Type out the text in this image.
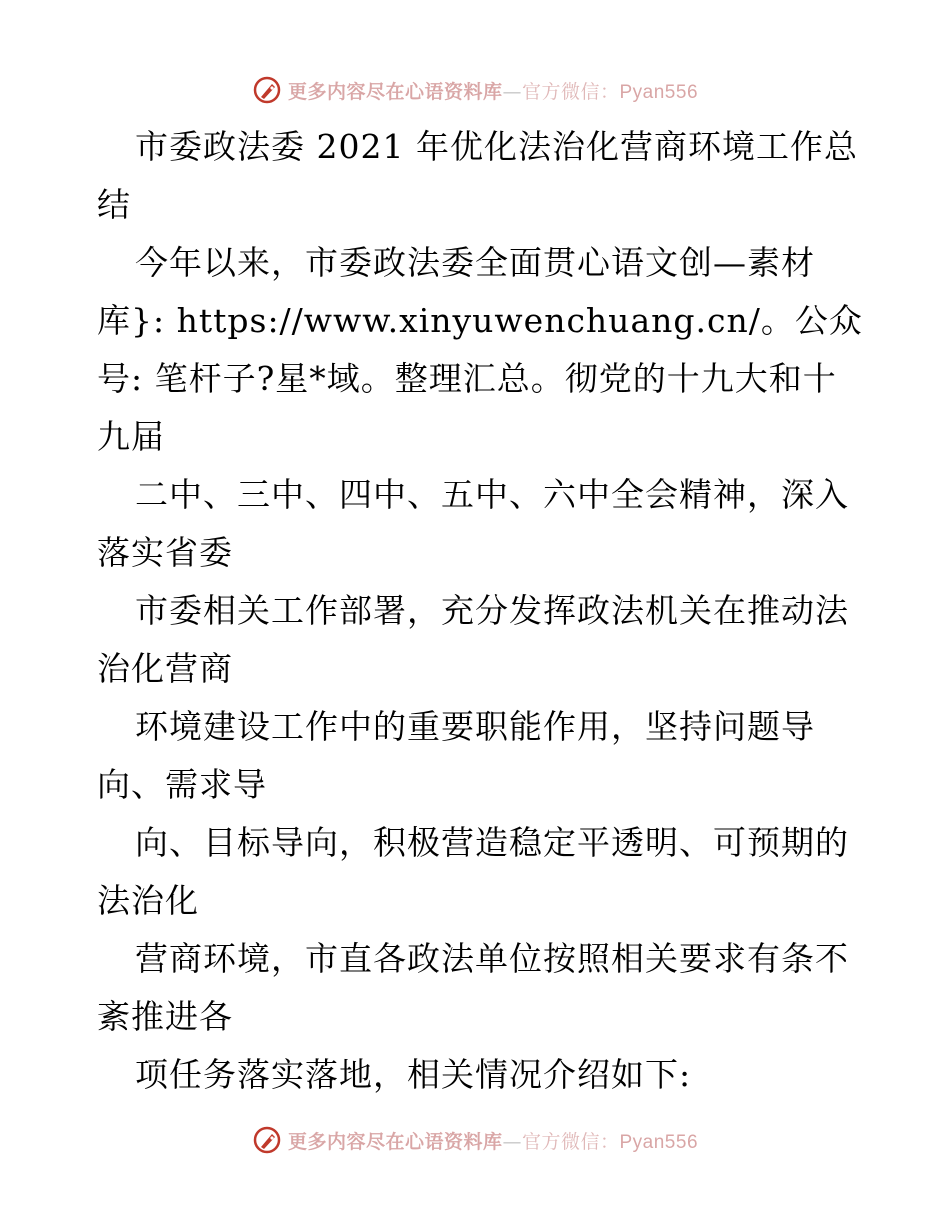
更多内容尽在心语资料库—官方微信：Pyan556
市委政法委 2021 年优化法治化营商环境工作总
结
今年以来，市委政法委全面贯心语文创—素材
库}: https://www.xinyuwenchuang.cn/。公众
号: 笔杆子?星*域。整理汇总。彻党的十九大和十
九届
二中、三中、四中、五中、六中全会精神，深入
落实省委
市委相关工作部署，充分发挥政法机关在推动法
治化营商
环境建设工作中的重要职能作用，坚持问题导
向、需求导
向、目标导向，积极营造稳定平透明、可预期的
法治化
营商环境，市直各政法单位按照相关要求有条不
紊推进各
项任务落实落地，相关情况介绍如下:
更多内容尽在心语资料库—官方微信：Pyan556
